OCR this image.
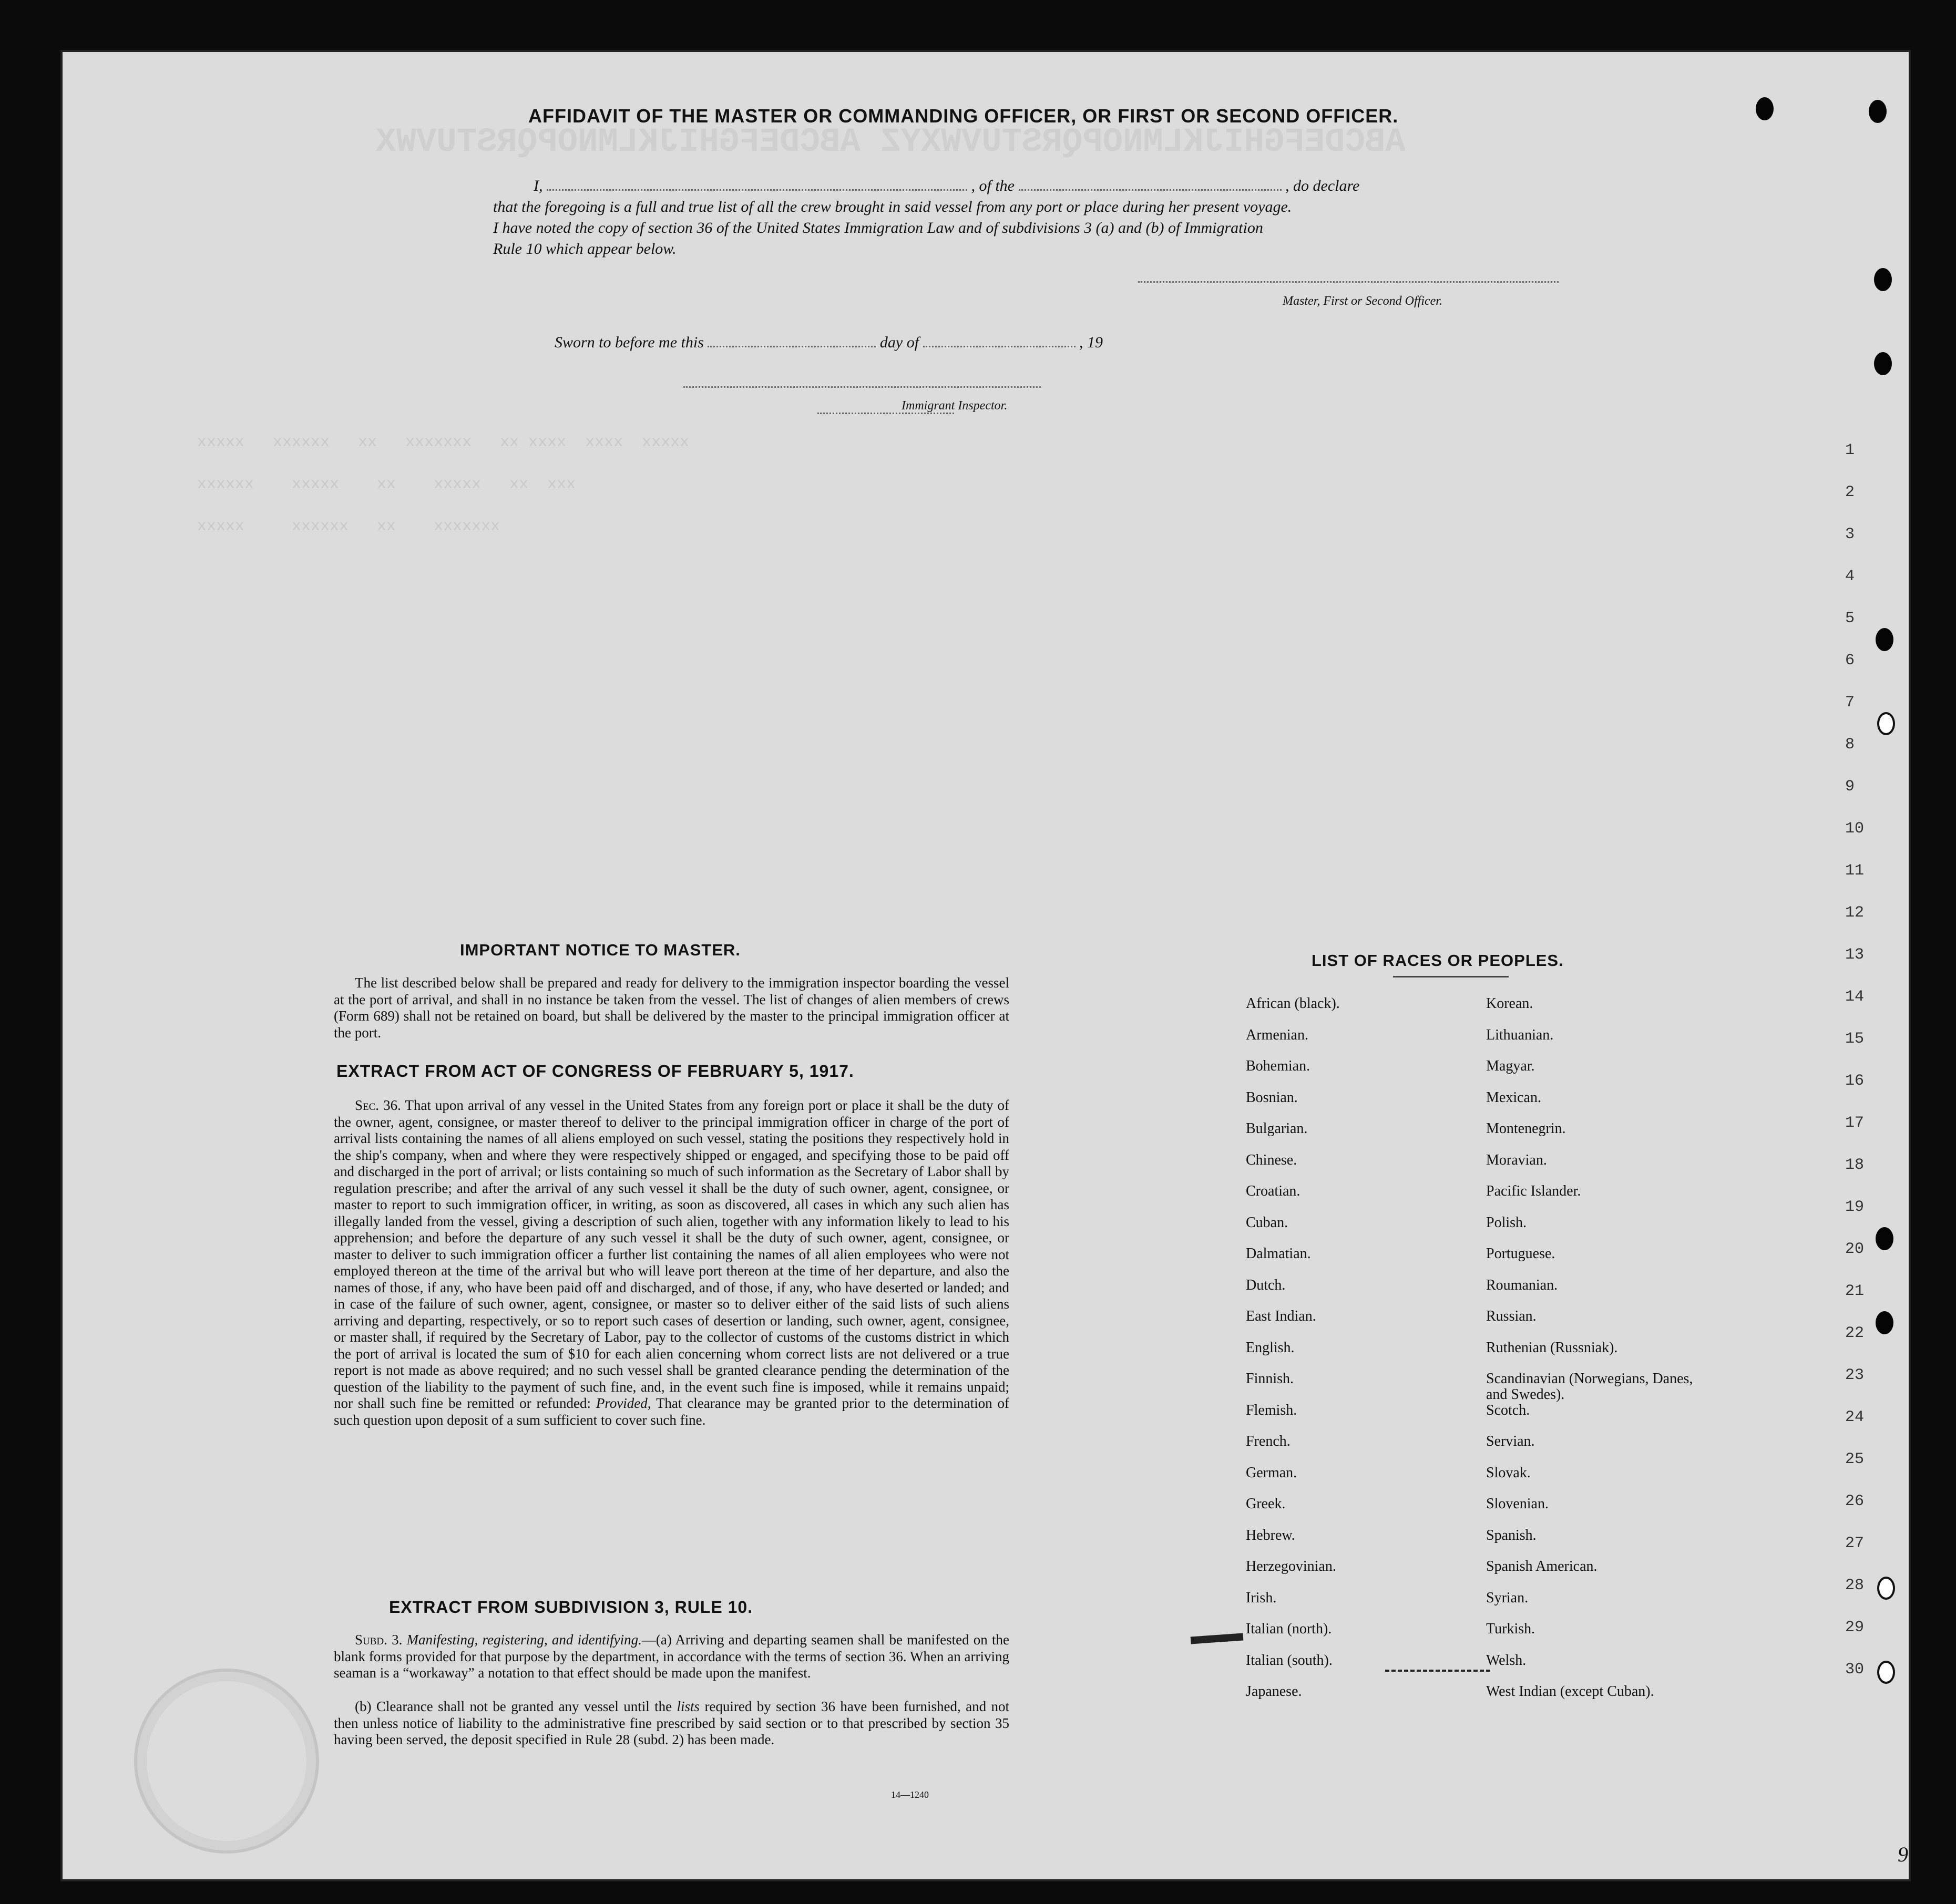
ABCDEFGHIJKLMNOPQRSTUVWXYZ ABCDEFGHIJKLMNOPQRSTUVWX
xxxxx   xxxxxx   xx   xxxxxxx   xx xxxx  xxxx  xxxxx
xxxxxx    xxxxx    xx    xxxxx   xx  xxx
xxxxx     xxxxxx   xx    xxxxxxx
1
2
3
4
5
6
7
8
9
10
11
12
13
14
15
16
17
18
19
20
21
22
23
24
25
26
27
28
29
30
AFFIDAVIT OF THE MASTER OR COMMANDING OFFICER, OR FIRST OR SECOND OFFICER.
I,	, of the	, do declare
that the foregoing is a full and true list of all the crew brought in said vessel from any port or place during her present voyage.
I have noted the copy of section 36 of the United States Immigration Law and of subdivisions 3 (a) and (b) of Immigration
Rule 10 which appear below.
Master, First or Second Officer.
Sworn to before me this	day of	, 19
Immigrant Inspector.
IMPORTANT NOTICE TO MASTER.
The list described below shall be prepared and ready for delivery to the immigration inspector boarding the vessel at the port of arrival, and shall in no instance be taken from the vessel. The list of changes of alien members of crews (Form 689) shall not be retained on board, but shall be delivered by the master to the principal immigration officer at the port.
EXTRACT FROM ACT OF CONGRESS OF FEBRUARY 5, 1917.
Sec. 36. That upon arrival of any vessel in the United States from any foreign port or place it shall be the duty of the owner, agent, consignee, or master thereof to deliver to the principal immigration officer in charge of the port of arrival lists containing the names of all aliens employed on such vessel, stating the positions they respectively hold in the ship's company, when and where they were respectively shipped or engaged, and specifying those to be paid off and discharged in the port of arrival; or lists containing so much of such information as the Secretary of Labor shall by regulation prescribe; and after the arrival of any such vessel it shall be the duty of such owner, agent, consignee, or master to report to such immigration officer, in writing, as soon as discovered, all cases in which any such alien has illegally landed from the vessel, giving a description of such alien, together with any information likely to lead to his apprehension; and before the departure of any such vessel it shall be the duty of such owner, agent, consignee, or master to deliver to such immigration officer a further list containing the names of all alien employees who were not employed thereon at the time of the arrival but who will leave port thereon at the time of her departure, and also the names of those, if any, who have been paid off and discharged, and of those, if any, who have deserted or landed; and in case of the failure of such owner, agent, consignee, or master so to deliver either of the said lists of such aliens arriving and departing, respectively, or so to report such cases of desertion or landing, such owner, agent, consignee, or master shall, if required by the Secretary of Labor, pay to the collector of customs of the customs district in which the port of arrival is located the sum of $10 for each alien concerning whom correct lists are not delivered or a true report is not made as above required; and no such vessel shall be granted clearance pending the determination of the question of the liability to the payment of such fine, and, in the event such fine is imposed, while it remains unpaid; nor shall such fine be remitted or refunded: Provided, That clearance may be granted prior to the determination of such question upon deposit of a sum sufficient to cover such fine.
EXTRACT FROM SUBDIVISION 3, RULE 10.
Subd. 3. Manifesting, registering, and identifying.—(a) Arriving and departing seamen shall be manifested on the blank forms provided for that purpose by the department, in accordance with the terms of section 36. When an arriving seaman is a “workaway” a notation to that effect should be made upon the manifest.
(b) Clearance shall not be granted any vessel until the lists required by section 36 have been furnished, and not then unless notice of liability to the administrative fine prescribed by said section or to that prescribed by section 35 having been served, the deposit specified in Rule 28 (subd. 2) has been made.
14—1240
LIST OF RACES OR PEOPLES.
African (black).
Armenian.
Bohemian.
Bosnian.
Bulgarian.
Chinese.
Croatian.
Cuban.
Dalmatian.
Dutch.
East Indian.
English.
Finnish.
Flemish.
French.
German.
Greek.
Hebrew.
Herzegovinian.
Irish.
Italian (north).
Italian (south).
Japanese.
Korean.
Lithuanian.
Magyar.
Mexican.
Montenegrin.
Moravian.
Pacific Islander.
Polish.
Portuguese.
Roumanian.
Russian.
Ruthenian (Russniak).
Scandinavian (Norwegians, Danes, and Swedes).
Scotch.
Servian.
Slovak.
Slovenian.
Spanish.
Spanish American.
Syrian.
Turkish.
Welsh.
West Indian (except Cuban).
9
